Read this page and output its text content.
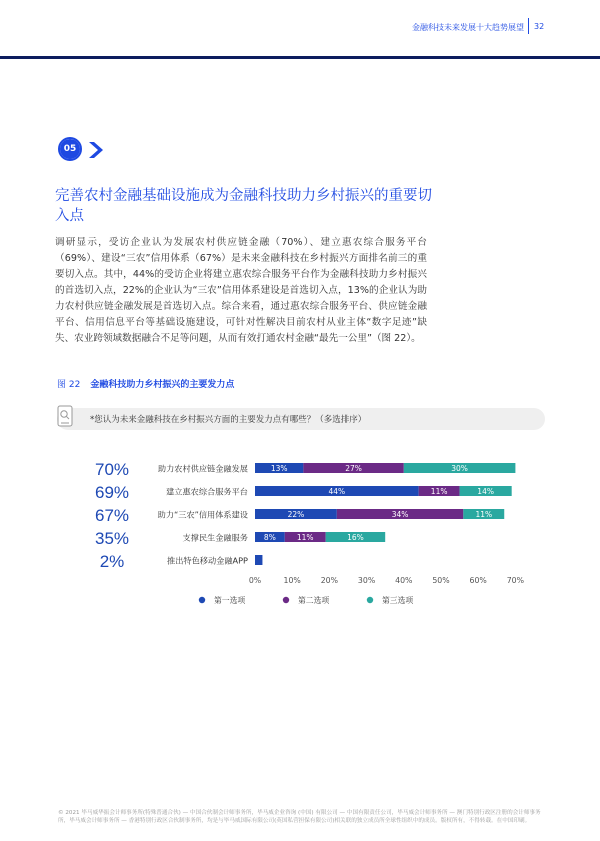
金融科技未来发展十大趋势展望 32
05
完善农村金融基础设施成为金融科技助力乡村振兴的重要切入点
调研显示，受访企业认为发展农村供应链金融（70%）、建立惠农综合服务平台（69%）、建设“三农”信用体系（67%）是未来金融科技在乡村振兴方面排名前三的重要切入点。其中，44%的受访企业将建立惠农综合服务平台作为金融科技助力乡村振兴的首选切入点，22%的企业认为“三农”信用体系建设是首选切入点，13%的企业认为助力农村供应链金融发展是首选切入点。综合来看，通过惠农综合服务平台、供应链金融平台、信用信息平台等基础设施建设，可针对性解决目前农村从业主体“数字足迹”缺失、农业跨领域数据融合不足等问题，从而有效打通农村金融“最先一公里”（图 22）。
图 22 金融科技助力乡村振兴的主要发力点
*您认为未来金融科技在乡村振兴方面的主要发力点有哪些？（多选排序）
70%	助力农村供应链金融发展	13%	27%	30%
69%	建立惠农综合服务平台	44%	11%	14%
67%	助力“三农”信用体系建设	22%	34%	11%
35%	支撑民生金融服务 8%	11%	16%
2%	推出特色移动金融APP
0%	10%	20%	30%	40%	50%	60%	70%
第一选项	第二选项	第三选项
© 2021 毕马威华振会计师事务所(特殊普通合伙) — 中国合伙制会计师事务所，毕马威企业咨询 (中国) 有限公司 — 中国有限责任公司，毕马威会计师事务所 — 澳门特别行政区注册的会计师事务所，毕马威会计师事务所 — 香港特别行政区合伙制事务所，均是与毕马威国际有限公司(英国私营担保有限公司)相关联的独立成员所全球性组织中的成员。版权所有，不得转载。在中国印刷。
